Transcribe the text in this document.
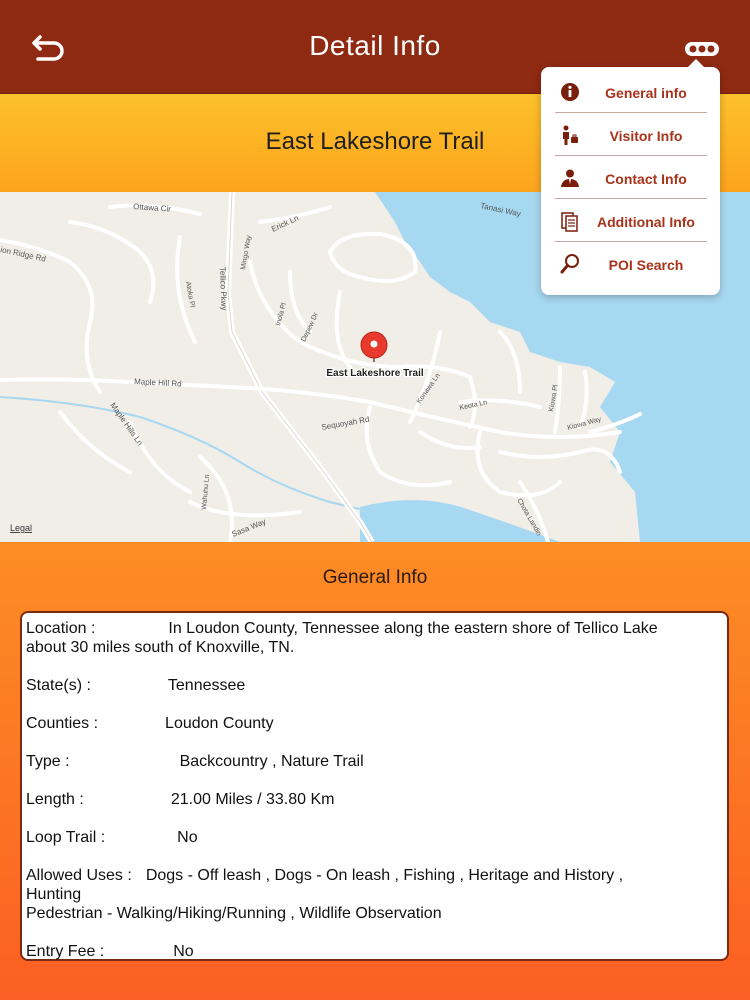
Detail Info
East Lakeshore Trail
Ottawa Cir	Tanasi Way
Erick Ln
ion Ridge Rd
Tellico Pkwy
Mingo Way
Atoka Pl
Inola Pl Depew Dr
Maple Hill Rd
Maple Hills Ln	Sequoyah Rd
Konawa Ln
Keota Ln	Kiowa Pl
Kiowa Way
Wahuhu Ln
Sasa Way	Chota Landin
Legal
East Lakeshore Trail
General info
Visitor Info
Contact Info
Additional Info
POI Search
General Info
Location :	In Loudon County, Tennessee along the eastern shore of Tellico Lake
about 30 miles south of Knoxville, TN.
State(s) :	Tennessee
Counties :	Loudon County
Type :	Backcountry , Nature Trail
Length :	21.00 Miles / 33.80 Km
Loop Trail :	No
Allowed Uses : Dogs - Off leash , Dogs - On leash , Fishing , Heritage and History ,
Hunting
Pedestrian - Walking/Hiking/Running , Wildlife Observation
Entry Fee :	No
